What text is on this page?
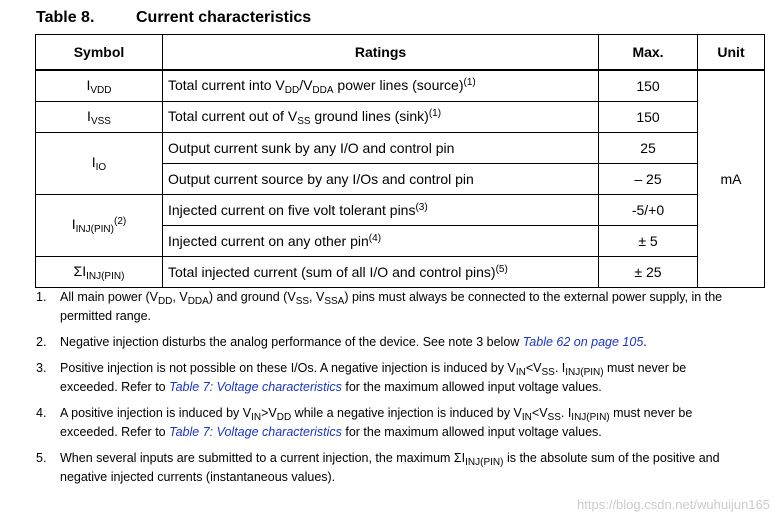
Table 8.	Current characteristics
Symbol	Ratings	Max.	Unit
$I_{VDD}$	Total current into $V_{DD}/V_{DDA}$ power lines (source)$^{(1)}$	150	mA
$I_{VSS}$	Total current out of $V_{SS}$ ground lines $(\sin k)^{(1)}$	150	
$I_{IO}$	Output current sunk by any I/O and control pin	25	
	Output current source by any I/Os and control pin	– 25	
$I_{INJ(PIN)}^{(2)}$	Injected current on five volt tolerant pins$^{(3)}$	-5/+0	
	Injected current on any other pin$^{(4)}$	± 5	
$\Sigma I_{INJ(PIN)}$	Total injected current (sum of all I/O and control pins)$^{(5)}$	± 25	
1. All main power ($V_{DD}$, $V_{DDA}$) and ground ($V_{SS}$, $V_{SSA}$) pins must always be connected to the external power supply, in the permitted range.
2. Negative injection disturbs the analog performance of the device. See note 3 below Table 62 on page 105.
3. Positive injection is not possible on these I/Os. A negative injection is induced by $V_{IN}<V_{SS}$. $I_{INJ(PIN)}$ must never be exceeded. Refer to Table 7: Voltage characteristics for the maximum allowed input voltage values.
4. A positive injection is induced by $V_{IN}>V_{DD}$ while a negative injection is induced by $V_{IN}<V_{SS}$. $I_{INJ(PIN)}$ must never be exceeded. Refer to Table 7: Voltage characteristics for the maximum allowed input voltage values.
5. When several inputs are submitted to a current injection, the maximum $\Sigma I_{INJ(PIN)}$ is the absolute sum of the positive and negative injected currents (instantaneous values).
https://blog.csdn.net/wuhuijun165
